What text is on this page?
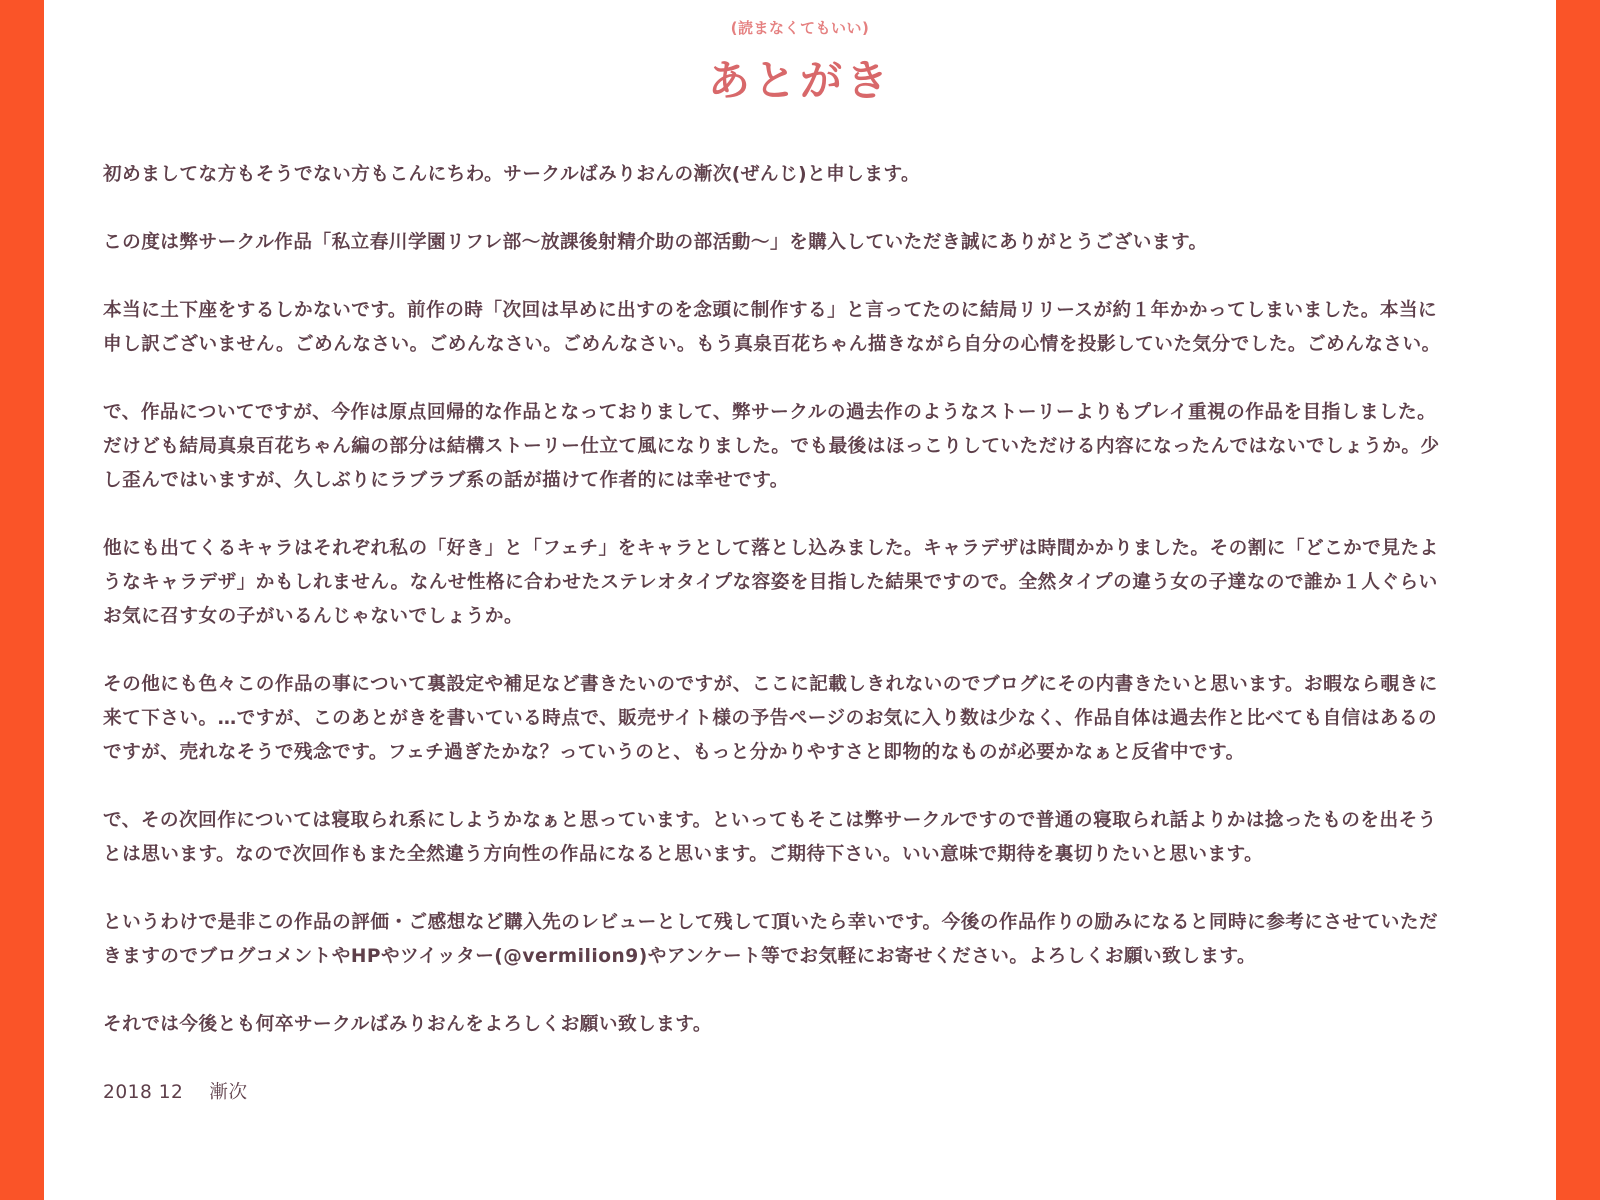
(読まなくてもいい)
あとがき

初めましてな方もそうでない方もこんにちわ。サークルばみりおんの漸次(ぜんじ)と申します。

この度は弊サークル作品「私立春川学園リフレ部〜放課後射精介助の部活動〜」を購入していただき誠にありがとうございます。

本当に土下座をするしかないです。前作の時「次回は早めに出すのを念頭に制作する」と言ってたのに結局リリースが約１年かかってしまいました。本当に
申し訳ございません。ごめんなさい。ごめんなさい。ごめんなさい。もう真泉百花ちゃん描きながら自分の心情を投影していた気分でした。ごめんなさい。

で、作品についてですが、今作は原点回帰的な作品となっておりまして、弊サークルの過去作のようなストーリーよりもプレイ重視の作品を目指しました。
だけども結局真泉百花ちゃん編の部分は結構ストーリー仕立て風になりました。でも最後はほっこりしていただける内容になったんではないでしょうか。少
し歪んではいますが、久しぶりにラブラブ系の話が描けて作者的には幸せです。

他にも出てくるキャラはそれぞれ私の「好き」と「フェチ」をキャラとして落とし込みました。キャラデザは時間かかりました。その割に「どこかで見たよ
うなキャラデザ」かもしれません。なんせ性格に合わせたステレオタイプな容姿を目指した結果ですので。全然タイプの違う女の子達なので誰か１人ぐらい
お気に召す女の子がいるんじゃないでしょうか。

その他にも色々この作品の事について裏設定や補足など書きたいのですが、ここに記載しきれないのでブログにその内書きたいと思います。お暇なら覗きに
来て下さい。…ですが、このあとがきを書いている時点で、販売サイト様の予告ページのお気に入り数は少なく、作品自体は過去作と比べても自信はあるの
ですが、売れなそうで残念です。フェチ過ぎたかな？っていうのと、もっと分かりやすさと即物的なものが必要かなぁと反省中です。

で、その次回作については寝取られ系にしようかなぁと思っています。といってもそこは弊サークルですので普通の寝取られ話よりかは捻ったものを出そう
とは思います。なので次回作もまた全然違う方向性の作品になると思います。ご期待下さい。いい意味で期待を裏切りたいと思います。

というわけで是非この作品の評価・ご感想など購入先のレビューとして残して頂いたら幸いです。今後の作品作りの励みになると同時に参考にさせていただ
きますのでブログコメントやHPやツイッター(@vermilion9)やアンケート等でお気軽にお寄せください。よろしくお願い致します。

それでは今後とも何卒サークルばみりおんをよろしくお願い致します。

2018 12 漸次
